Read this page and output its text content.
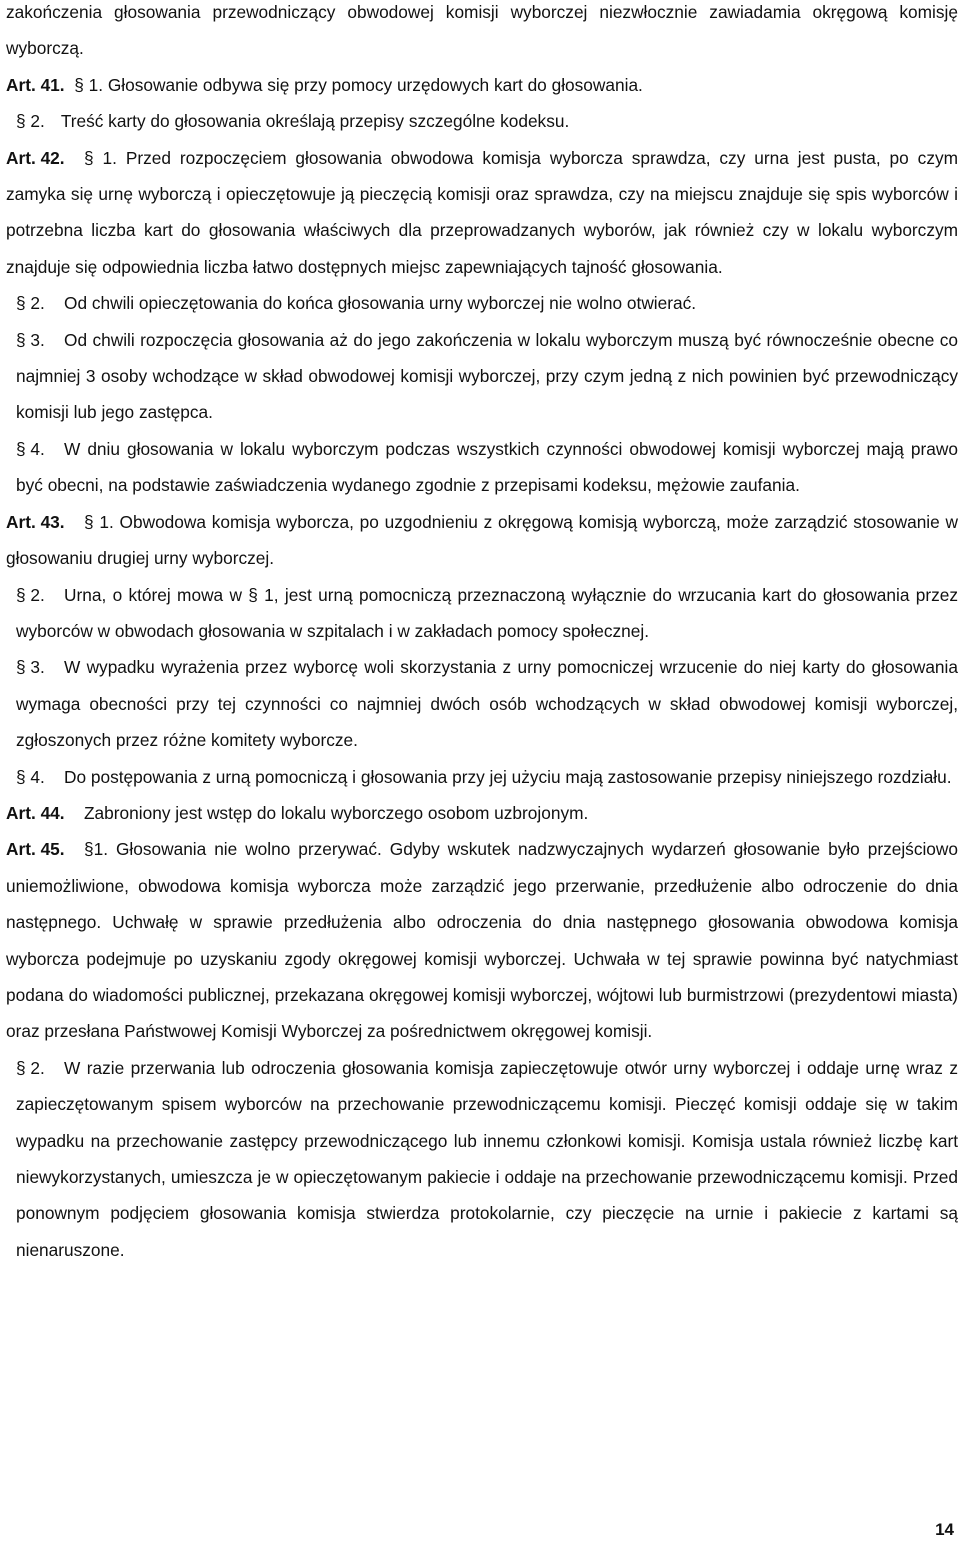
zakończenia głosowania przewodniczący obwodowej komisji wyborczej niezwłocznie zawiadamia okręgową komisję wyborczą.

Art. 41. § 1. Głosowanie odbywa się przy pomocy urzędowych kart do głosowania.

§ 2. Treść karty do głosowania określają przepisy szczególne kodeksu.

Art. 42. § 1. Przed rozpoczęciem głosowania obwodowa komisja wyborcza sprawdza, czy urna jest pusta, po czym zamyka się urnę wyborczą i opieczętowuje ją pieczęcią komisji oraz sprawdza, czy na miejscu znajduje się spis wyborców i potrzebna liczba kart do głosowania właściwych dla przeprowadzanych wyborów, jak również czy w lokalu wyborczym znajduje się odpowiednia liczba łatwo dostępnych miejsc zapewniających tajność głosowania.

§ 2. Od chwili opieczętowania do końca głosowania urny wyborczej nie wolno otwierać.

§ 3. Od chwili rozpoczęcia głosowania aż do jego zakończenia w lokalu wyborczym muszą być równocześnie obecne co najmniej 3 osoby wchodzące w skład obwodowej komisji wyborczej, przy czym jedną z nich powinien być przewodniczący komisji lub jego zastępca.

§ 4. W dniu głosowania w lokalu wyborczym podczas wszystkich czynności obwodowej komisji wyborczej mają prawo być obecni, na podstawie zaświadczenia wydanego zgodnie z przepisami kodeksu, mężowie zaufania.

Art. 43. § 1. Obwodowa komisja wyborcza, po uzgodnieniu z okręgową komisją wyborczą, może zarządzić stosowanie w głosowaniu drugiej urny wyborczej.

§ 2. Urna, o której mowa w § 1, jest urną pomocniczą przeznaczoną wyłącznie do wrzucania kart do głosowania przez wyborców w obwodach głosowania w szpitalach i w zakładach pomocy społecznej.

§ 3. W wypadku wyrażenia przez wyborcę woli skorzystania z urny pomocniczej wrzucenie do niej karty do głosowania wymaga obecności przy tej czynności co najmniej dwóch osób wchodzących w skład obwodowej komisji wyborczej, zgłoszonych przez różne komitety wyborcze.

§ 4. Do postępowania z urną pomocniczą i głosowania przy jej użyciu mają zastosowanie przepisy niniejszego rozdziału.

Art. 44. Zabroniony jest wstęp do lokalu wyborczego osobom uzbrojonym.

Art. 45. §1. Głosowania nie wolno przerywać. Gdyby wskutek nadzwyczajnych wydarzeń głosowanie było przejściowo uniemożliwione, obwodowa komisja wyborcza może zarządzić jego przerwanie, przedłużenie albo odroczenie do dnia następnego. Uchwałę w sprawie przedłużenia albo odroczenia do dnia następnego głosowania obwodowa komisja wyborcza podejmuje po uzyskaniu zgody okręgowej komisji wyborczej. Uchwała w tej sprawie powinna być natychmiast podana do wiadomości publicznej, przekazana okręgowej komisji wyborczej, wójtowi lub burmistrzowi (prezydentowi miasta) oraz przesłana Państwowej Komisji Wyborczej za pośrednictwem okręgowej komisji.

§ 2. W razie przerwania lub odroczenia głosowania komisja zapieczętowuje otwór urny wyborczej i oddaje urnę wraz z zapieczętowanym spisem wyborców na przechowanie przewodniczącemu komisji. Pieczęć komisji oddaje się w takim wypadku na przechowanie zastępcy przewodniczącego lub innemu członkowi komisji. Komisja ustala również liczbę kart niewykorzystanych, umieszcza je w opieczętowanym pakiecie i oddaje na przechowanie przewodniczącemu komisji. Przed ponownym podjęciem głosowania komisja stwierdza protokolarnie, czy pieczęcie na urnie i pakiecie z kartami są nienaruszone.

14
